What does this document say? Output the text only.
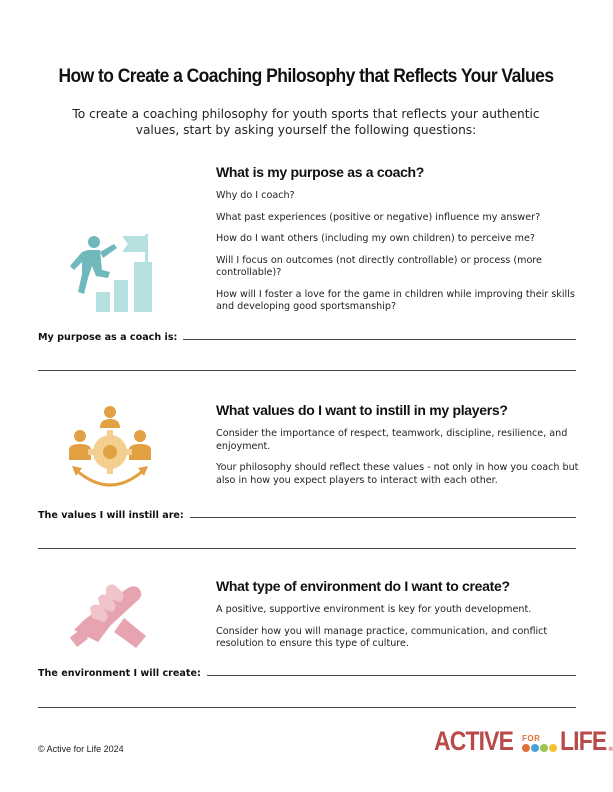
How to Create a Coaching Philosophy that Reflects Your Values
To create a coaching philosophy for youth sports that reflects your authentic values, start by asking yourself the following questions:
What is my purpose as a coach?

Why do I coach?

What past experiences (positive or negative) influence my answer?

How do I want others (including my own children) to perceive me?

Will I focus on outcomes (not directly controllable) or process (more controllable)?

How will I foster a love for the game in children while improving their skills and developing good sportsmanship?

My purpose as a coach is:
What values do I want to instill in my players?

Consider the importance of respect, teamwork, discipline, resilience, and enjoyment.

Your philosophy should reflect these values - not only in how you coach but also in how you expect players to interact with each other.

The values I will instill are:
What type of environment do I want to create?

A positive, supportive environment is key for youth development.

Consider how you will manage practice, communication, and conflict resolution to ensure this type of culture.

The environment I will create:
© Active for Life 2024	ACTIVE FOR LIFE ®
